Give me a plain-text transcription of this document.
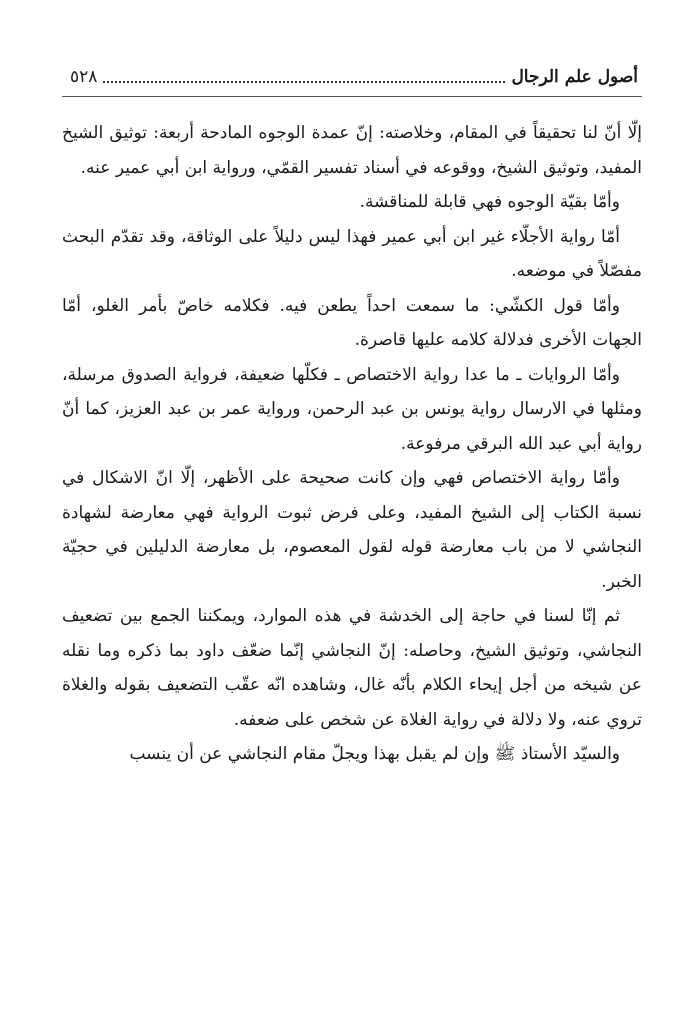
أصول علم الرجال
٥٢٨

إلّا أنّ لنا تحقيقاً في المقام، وخلاصته: إنّ عمدة الوجوه المادحة أربعة: توثيق الشيخ المفيد، وتوثيق الشيخ، ووقوعه في أسناد تفسير القمّي، ورواية ابن أبي عمير عنه.

وأمّا بقيّة الوجوه فهي قابلة للمناقشة.

أمّا رواية الأجلّاء غير ابن أبي عمير فهذا ليس دليلاً على الوثاقة، وقد تقدّم البحث مفصّلاً في موضعه.

وأمّا قول الكشّي: ما سمعت احداً يطعن فيه. فكلامه خاصّ بأمر الغلو، أمّا الجهات الأخرى فدلالة كلامه عليها قاصرة.

وأمّا الروايات ـ ما عدا رواية الاختصاص ـ فكلّها ضعيفة، فرواية الصدوق مرسلة، ومثلها في الارسال رواية يونس بن عبد الرحمن، ورواية عمر بن عبد العزيز، كما أنّ رواية أبي عبد الله البرقي مرفوعة.

وأمّا رواية الاختصاص فهي وإن كانت صحيحة على الأظهر، إلّا انّ الاشكال في نسبة الكتاب إلى الشيخ المفيد، وعلى فرض ثبوت الرواية فهي معارضة لشهادة النجاشي لا من باب معارضة قوله لقول المعصوم، بل معارضة الدليلين في حجيّة الخبر.

ثم إنّا لسنا في حاجة إلى الخدشة في هذه الموارد، ويمكننا الجمع بين تضعيف النجاشي، وتوثيق الشيخ، وحاصله: إنّ النجاشي إنّما ضعّف داود بما ذكره وما نقله عن شيخه من أجل إيحاء الكلام بأنّه غال، وشاهده انّه عقّب التضعيف بقوله والغلاة تروي عنه، ولا دلالة في رواية الغلاة عن شخص على ضعفه.

والسيّد الأستاذ ﷺ وإن لم يقبل بهذا ويجلّ مقام النجاشي عن أن ينسب
